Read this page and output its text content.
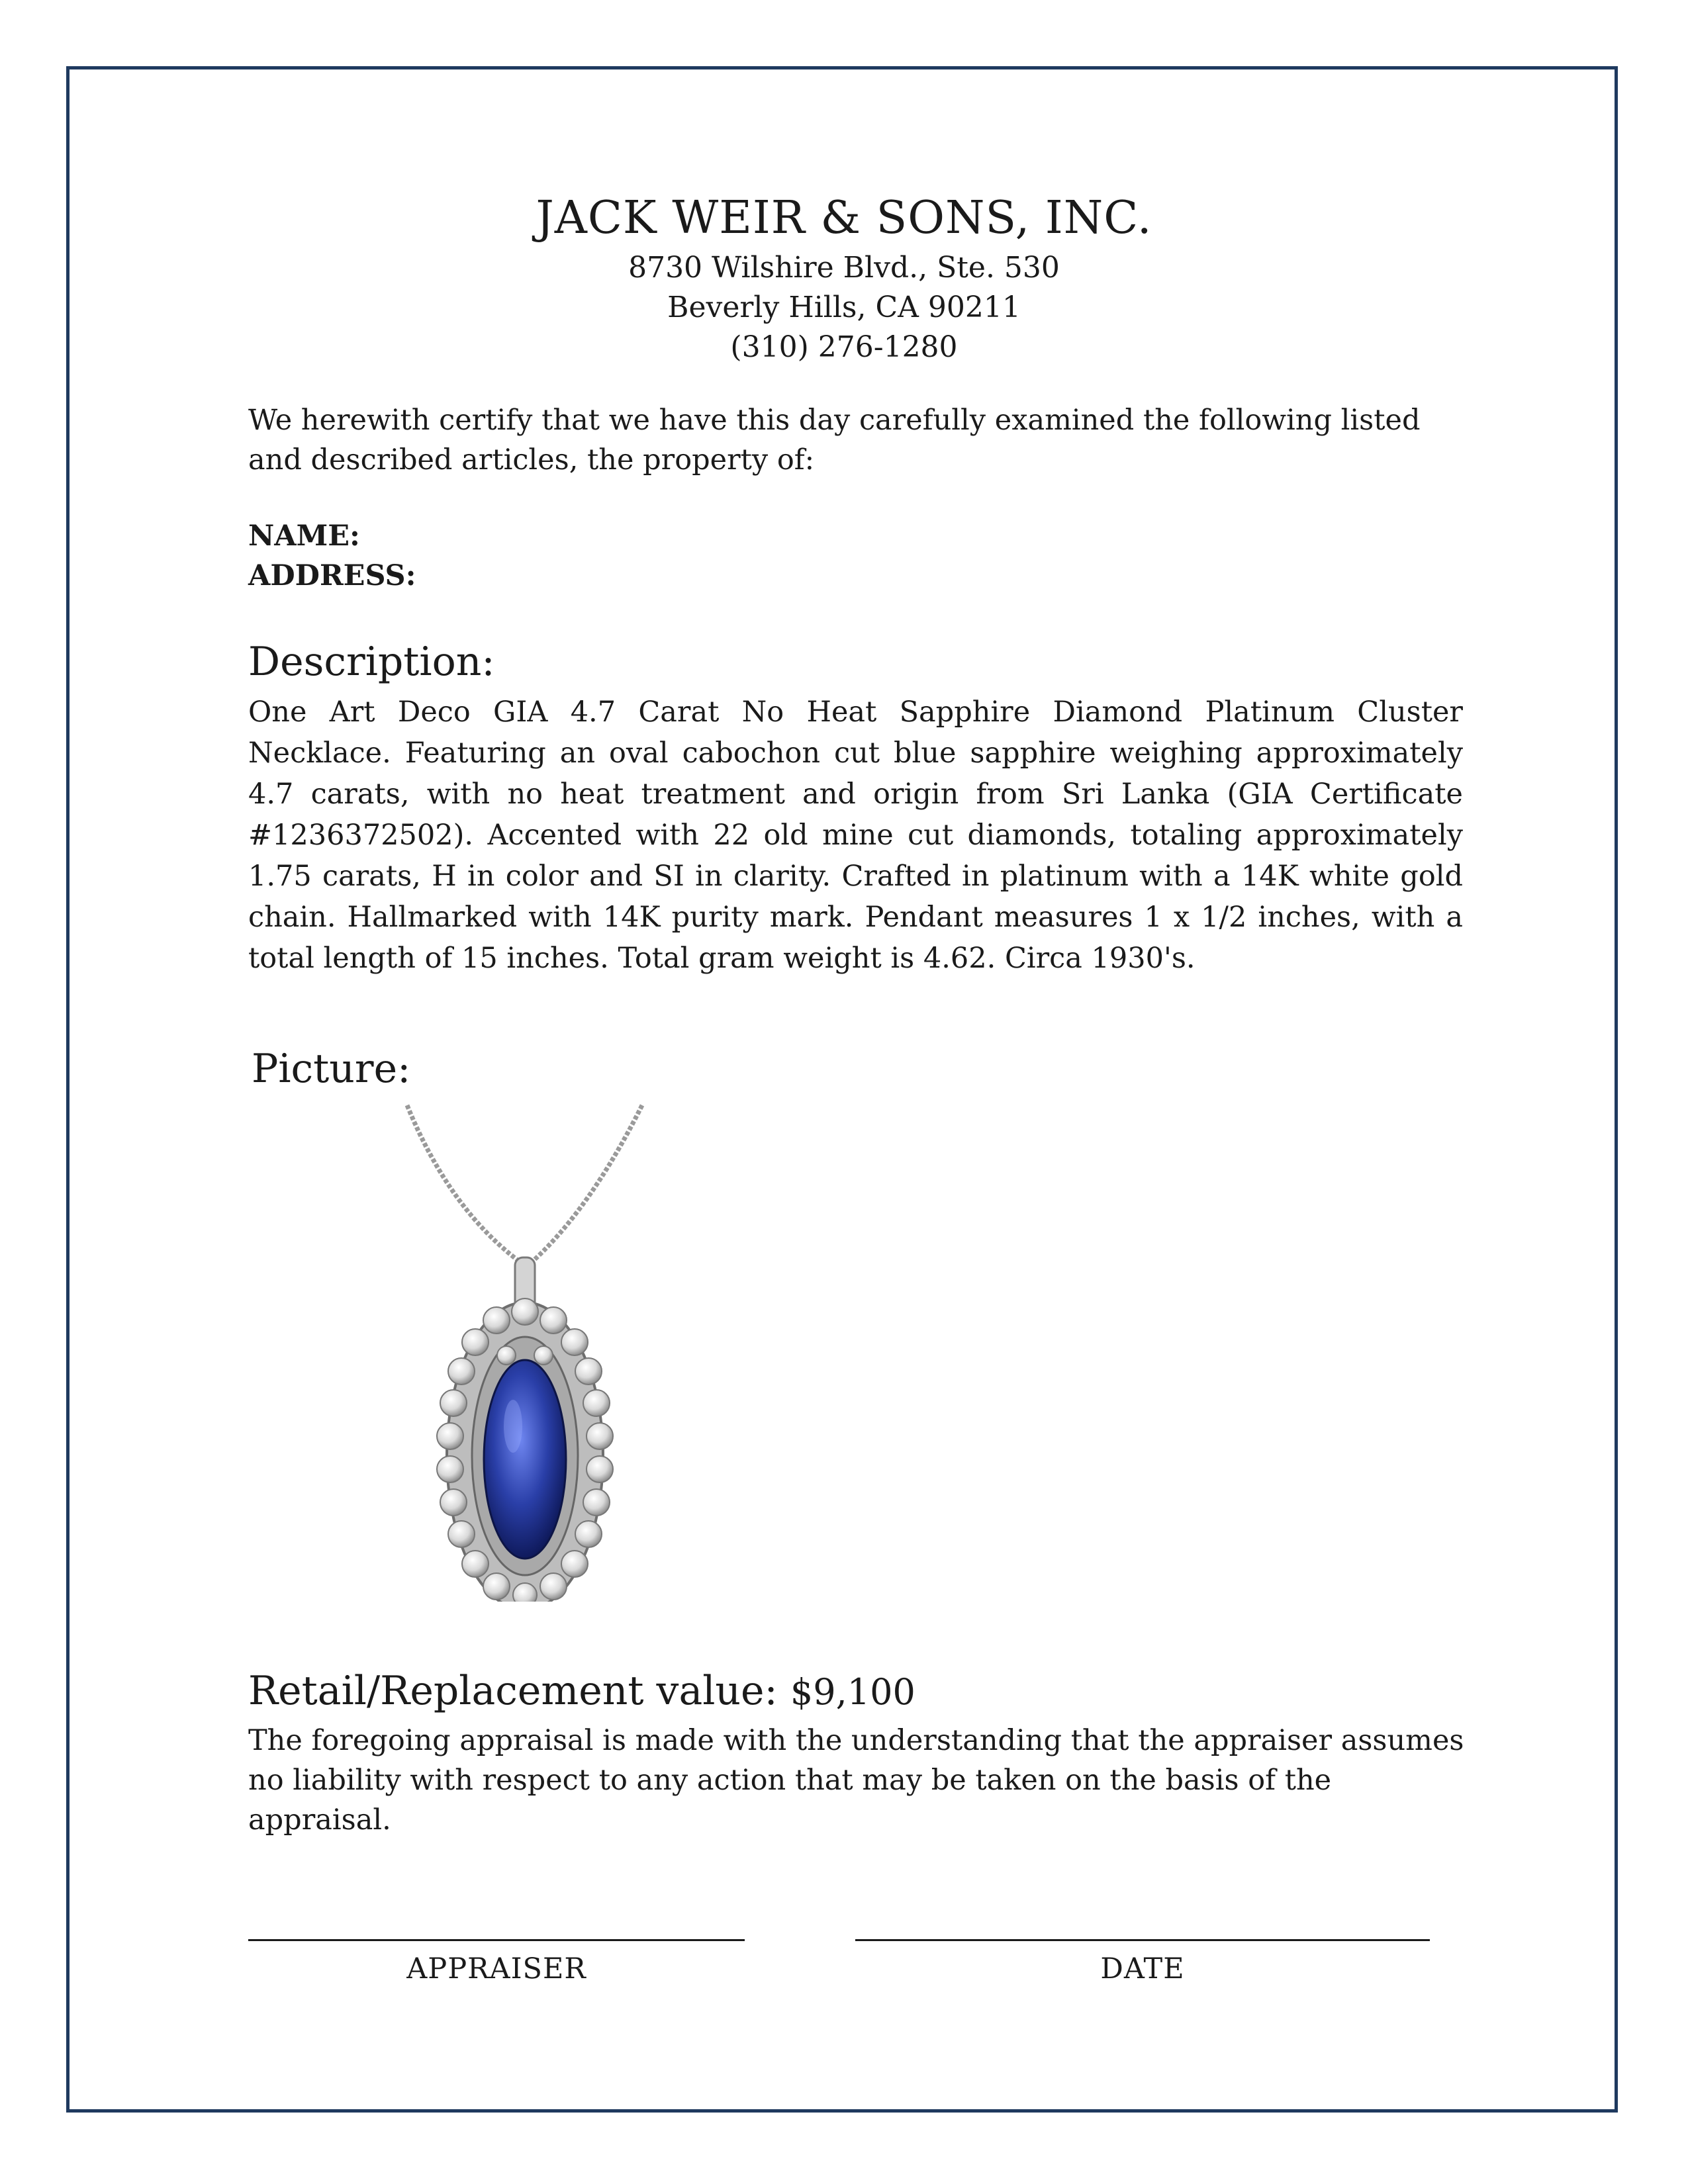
JACK WEIR & SONS, INC.
8730 Wilshire Blvd., Ste. 530
Beverly Hills, CA 90211
(310) 276-1280
We herewith certify that we have this day carefully examined the following listed and described articles, the property of:
NAME:
ADDRESS:
Description:
One Art Deco GIA 4.7 Carat No Heat Sapphire Diamond Platinum Cluster Necklace. Featuring an oval cabochon cut blue sapphire weighing approximately 4.7 carats, with no heat treatment and origin from Sri Lanka (GIA Certificate #1236372502). Accented with 22 old mine cut diamonds, totaling approximately 1.75 carats, H in color and SI in clarity. Crafted in platinum with a 14K white gold chain. Hallmarked with 14K purity mark. Pendant measures 1 x 1/2 inches, with a total length of 15 inches. Total gram weight is 4.62. Circa 1930's.
Picture:
Retail/Replacement value: $9,100
The foregoing appraisal is made with the understanding that the appraiser assumes no liability with respect to any action that may be taken on the basis of the appraisal.
APPRAISER	DATE
